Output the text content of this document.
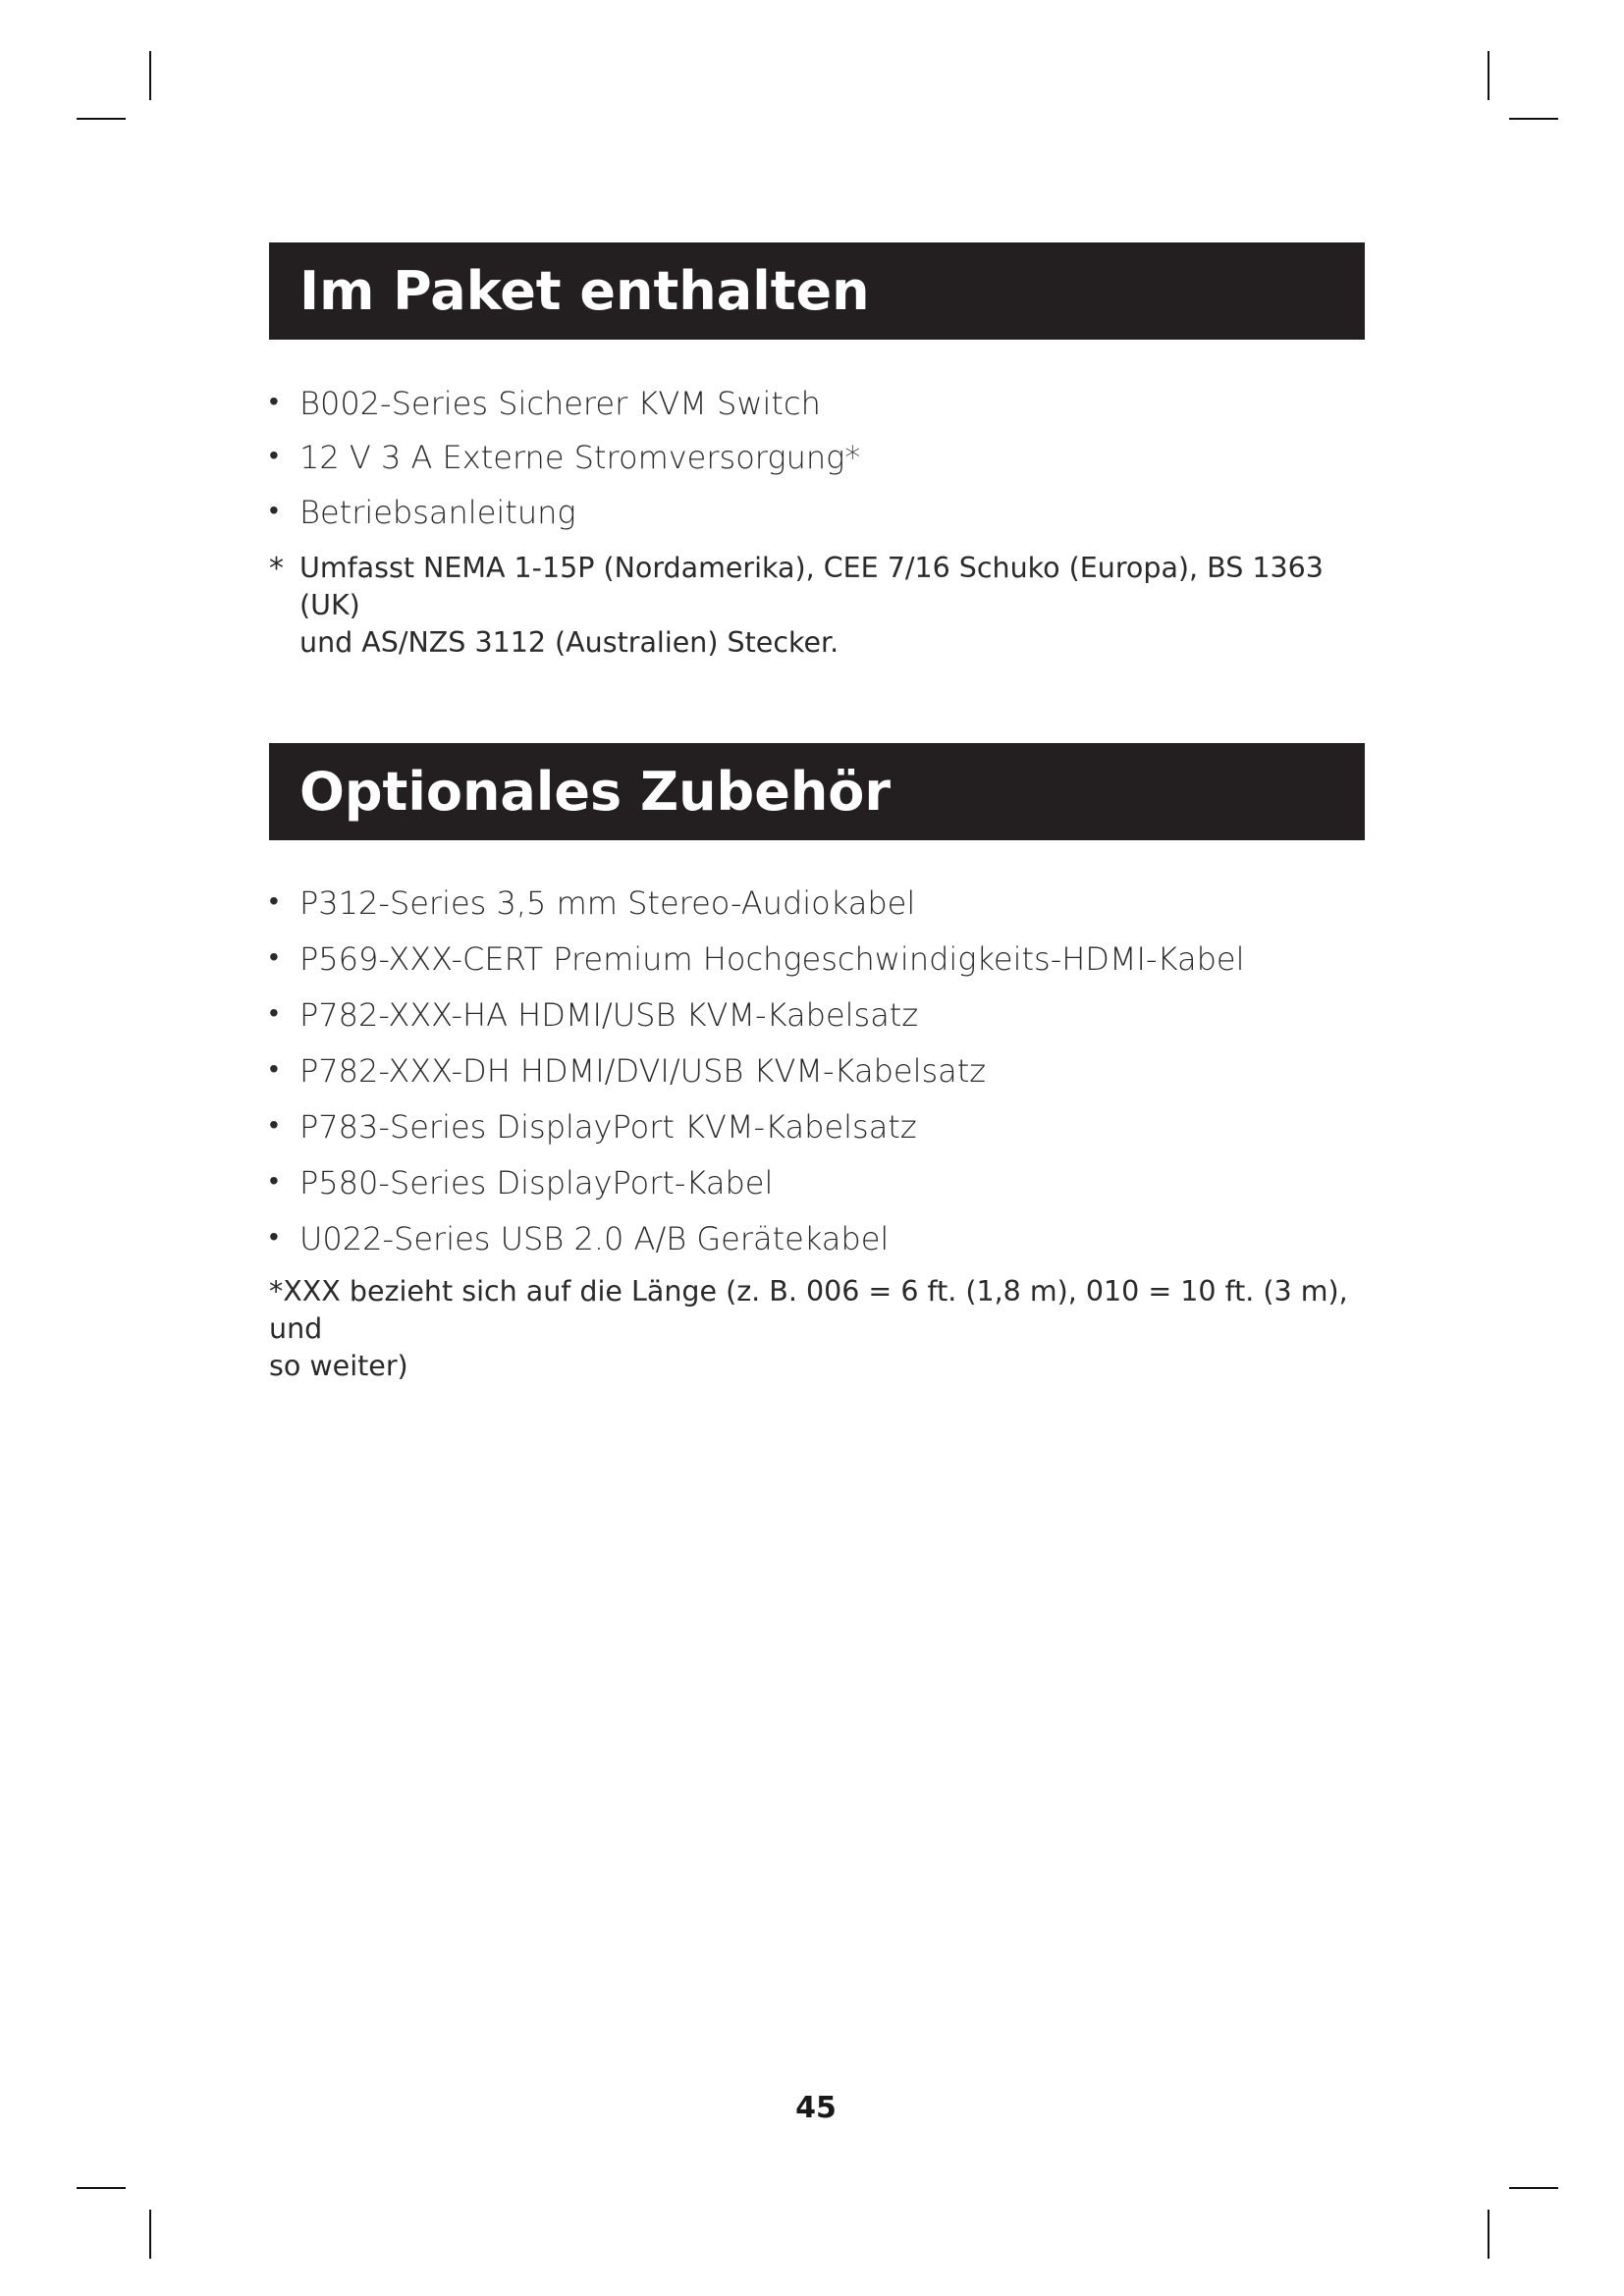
Im Paket enthalten
• B002-Series Sicherer KVM Switch
• 12 V 3 A Externe Stromversorgung*
• Betriebsanleitung
* Umfasst NEMA 1-15P (Nordamerika), CEE 7/16 Schuko (Europa), BS 1363 (UK)
und AS/NZS 3112 (Australien) Stecker.
Optionales Zubehör
• P312-Series 3,5 mm Stereo-Audiokabel
• P569-XXX-CERT Premium Hochgeschwindigkeits-HDMI-Kabel
• P782-XXX-HA HDMI/USB KVM-Kabelsatz
• P782-XXX-DH HDMI/DVI/USB KVM-Kabelsatz
• P783-Series DisplayPort KVM-Kabelsatz
• P580-Series DisplayPort-Kabel
• U022-Series USB 2.0 A/B Gerätekabel
*XXX bezieht sich auf die Länge (z. B. 006 = 6 ft. (1,8 m), 010 = 10 ft. (3 m), und
so weiter)
45
